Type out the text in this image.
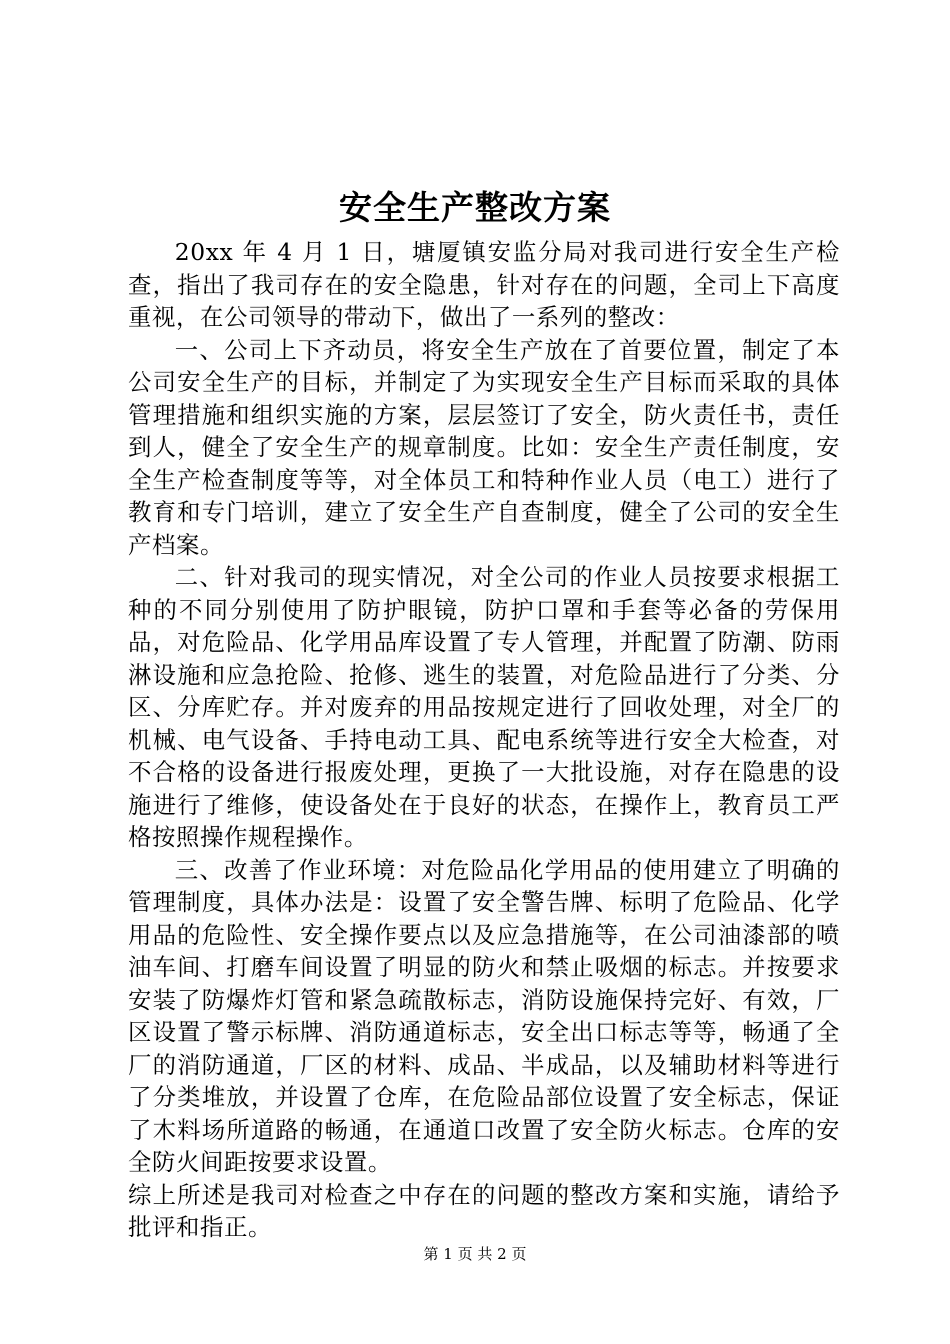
安全生产整改方案

20xx 年 4 月 1 日，塘厦镇安监分局对我司进行安全生产检查，指出了我司存在的安全隐患，针对存在的问题，全司上下高度重视，在公司领导的带动下，做出了一系列的整改：

一、公司上下齐动员，将安全生产放在了首要位置，制定了本公司安全生产的目标，并制定了为实现安全生产目标而采取的具体管理措施和组织实施的方案，层层签订了安全，防火责任书，责任到人，健全了安全生产的规章制度。比如：安全生产责任制度，安全生产检查制度等等，对全体员工和特种作业人员（电工）进行了教育和专门培训，建立了安全生产自查制度，健全了公司的安全生产档案。

二、针对我司的现实情况，对全公司的作业人员按要求根据工种的不同分别使用了防护眼镜，防护口罩和手套等必备的劳保用品，对危险品、化学用品库设置了专人管理，并配置了防潮、防雨淋设施和应急抢险、抢修、逃生的装置，对危险品进行了分类、分区、分库贮存。并对废弃的用品按规定进行了回收处理，对全厂的机械、电气设备、手持电动工具、配电系统等进行安全大检查，对不合格的设备进行报废处理，更换了一大批设施，对存在隐患的设施进行了维修，使设备处在于良好的状态，在操作上，教育员工严格按照操作规程操作。

三、改善了作业环境：对危险品化学用品的使用建立了明确的管理制度，具体办法是：设置了安全警告牌、标明了危险品、化学用品的危险性、安全操作要点以及应急措施等，在公司油漆部的喷油车间、打磨车间设置了明显的防火和禁止吸烟的标志。并按要求安装了防爆炸灯管和紧急疏散标志，消防设施保持完好、有效，厂区设置了警示标牌、消防通道标志，安全出口标志等等，畅通了全厂的消防通道，厂区的材料、成品、半成品，以及辅助材料等进行了分类堆放，并设置了仓库，在危险品部位设置了安全标志，保证了木料场所道路的畅通，在通道口改置了安全防火标志。仓库的安全防火间距按要求设置。

综上所述是我司对检查之中存在的问题的整改方案和实施，请给予批评和指正。

第 1 页 共 2 页
